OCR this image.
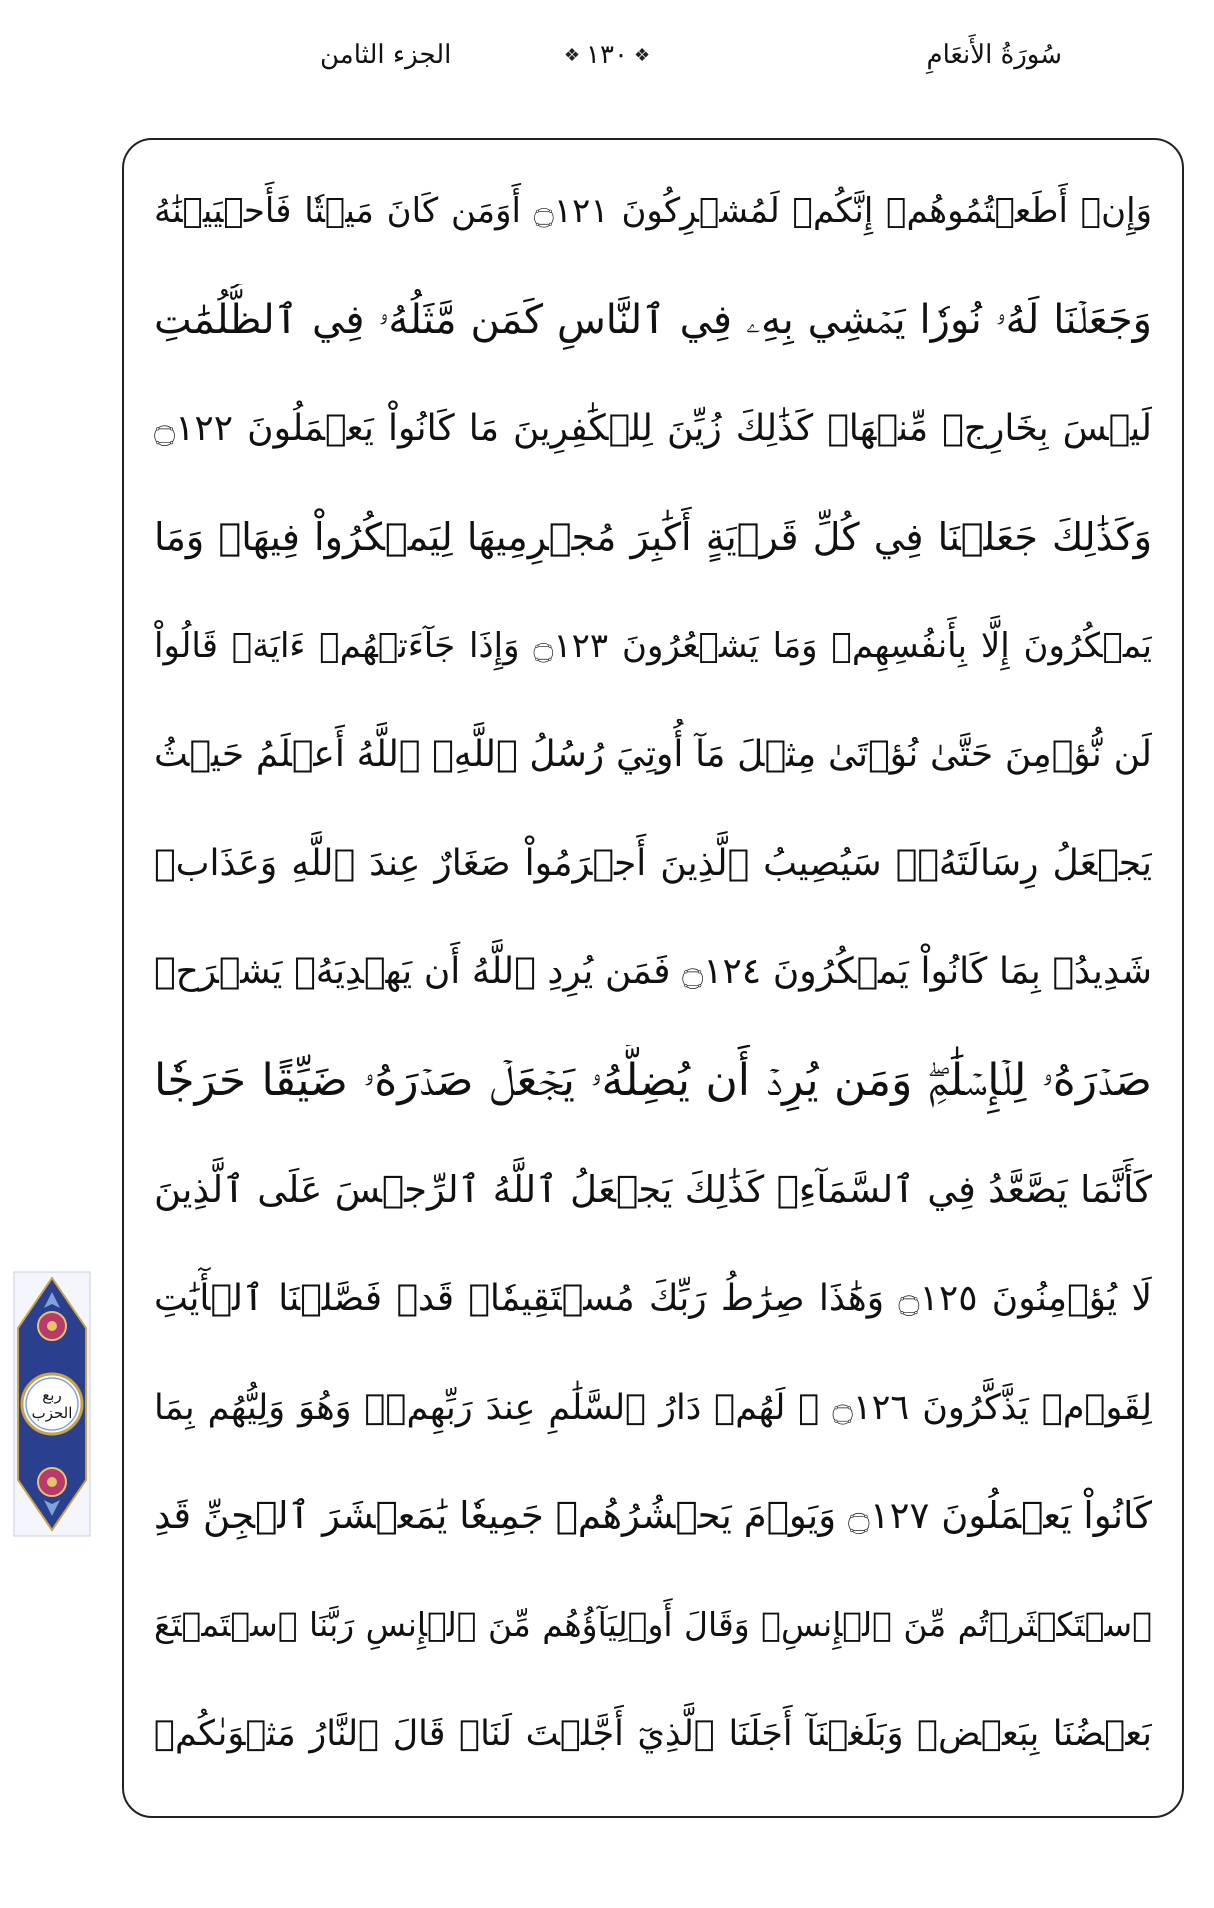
سُورَةُ الأَنعَامِ
❖
١٣٠
❖
الجزء الثامن
ربع الحزب
وَإِنۡ أَطَعۡتُمُوهُمۡ إِنَّكُمۡ لَمُشۡرِكُونَ ۝١٢١ أَوَمَن كَانَ مَيۡتٗا فَأَحۡيَيۡنَٰهُ
وَجَعَلۡنَا لَهُۥ نُورٗا يَمۡشِي بِهِۦ فِي ٱلنَّاسِ كَمَن مَّثَلُهُۥ فِي ٱلظُّلُمَٰتِ
لَيۡسَ بِخَارِجٖ مِّنۡهَاۚ كَذَٰلِكَ زُيِّنَ لِلۡكَٰفِرِينَ مَا كَانُواْ يَعۡمَلُونَ ۝١٢٢
وَكَذَٰلِكَ جَعَلۡنَا فِي كُلِّ قَرۡيَةٍ أَكَٰبِرَ مُجۡرِمِيهَا لِيَمۡكُرُواْ فِيهَاۖ وَمَا
يَمۡكُرُونَ إِلَّا بِأَنفُسِهِمۡ وَمَا يَشۡعُرُونَ ۝١٢٣ وَإِذَا جَآءَتۡهُمۡ ءَايَةٞ قَالُواْ
لَن نُّؤۡمِنَ حَتَّىٰ نُؤۡتَىٰ مِثۡلَ مَآ أُوتِيَ رُسُلُ ٱللَّهِۘ ٱللَّهُ أَعۡلَمُ حَيۡثُ
يَجۡعَلُ رِسَالَتَهُۥۗ سَيُصِيبُ ٱلَّذِينَ أَجۡرَمُواْ صَغَارٌ عِندَ ٱللَّهِ وَعَذَابٞ
شَدِيدُۢ بِمَا كَانُواْ يَمۡكُرُونَ ۝١٢٤ فَمَن يُرِدِ ٱللَّهُ أَن يَهۡدِيَهُۥ يَشۡرَحۡ
صَدۡرَهُۥ لِلۡإِسۡلَٰمِۖ وَمَن يُرِدۡ أَن يُضِلَّهُۥ يَجۡعَلۡ صَدۡرَهُۥ ضَيِّقًا حَرَجٗا
كَأَنَّمَا يَصَّعَّدُ فِي ٱلسَّمَآءِۚ كَذَٰلِكَ يَجۡعَلُ ٱللَّهُ ٱلرِّجۡسَ عَلَى ٱلَّذِينَ
لَا يُؤۡمِنُونَ ۝١٢٥ وَهَٰذَا صِرَٰطُ رَبِّكَ مُسۡتَقِيمٗاۗ قَدۡ فَصَّلۡنَا ٱلۡأٓيَٰتِ
لِقَوۡمٖ يَذَّكَّرُونَ ۝١٢٦ ۞ لَهُمۡ دَارُ ٱلسَّلَٰمِ عِندَ رَبِّهِمۡۖ وَهُوَ وَلِيُّهُم بِمَا
كَانُواْ يَعۡمَلُونَ ۝١٢٧ وَيَوۡمَ يَحۡشُرُهُمۡ جَمِيعٗا يَٰمَعۡشَرَ ٱلۡجِنِّ قَدِ
ٱسۡتَكۡثَرۡتُم مِّنَ ٱلۡإِنسِۖ وَقَالَ أَوۡلِيَآؤُهُم مِّنَ ٱلۡإِنسِ رَبَّنَا ٱسۡتَمۡتَعَ
بَعۡضُنَا بِبَعۡضٖ وَبَلَغۡنَآ أَجَلَنَا ٱلَّذِيٓ أَجَّلۡتَ لَنَاۚ قَالَ ٱلنَّارُ مَثۡوَىٰكُمۡ
